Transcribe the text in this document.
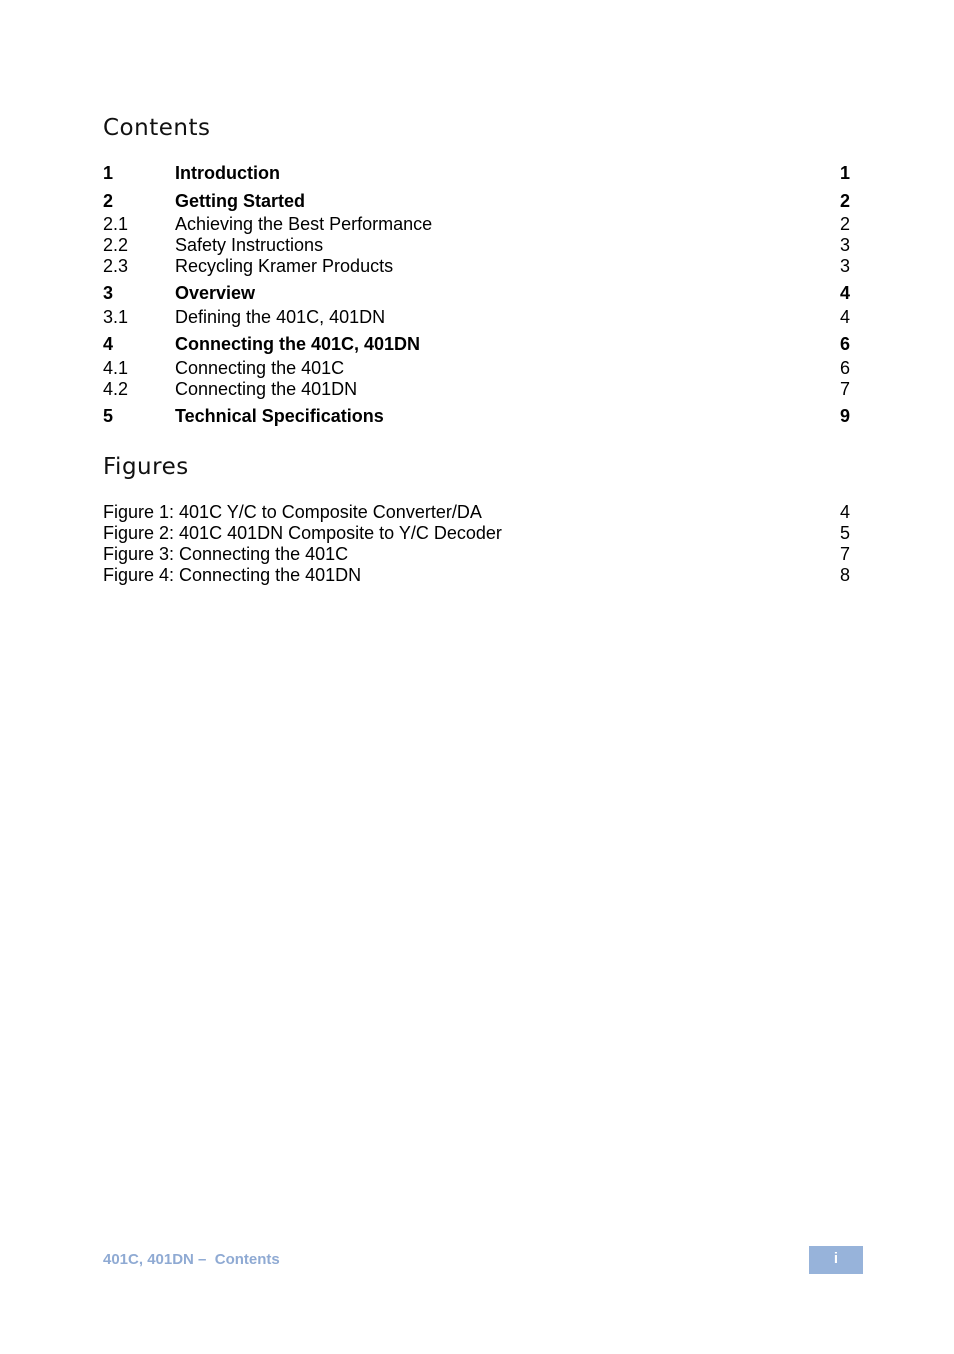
Contents
1	Introduction	1
2	Getting Started	2
2.1	Achieving the Best Performance	2
2.2	Safety Instructions	3
2.3	Recycling Kramer Products	3
3	Overview	4
3.1	Defining the 401C, 401DN	4
4	Connecting the 401C, 401DN	6
4.1	Connecting the 401C	6
4.2	Connecting the 401DN	7
5	Technical Specifications	9
Figures
Figure 1: 401C Y/C to Composite Converter/DA	4
Figure 2: 401C 401DN Composite to Y/C Decoder	5
Figure 3: Connecting the 401C	7
Figure 4: Connecting the 401DN	8
401C, 401DN –  Contents	i
